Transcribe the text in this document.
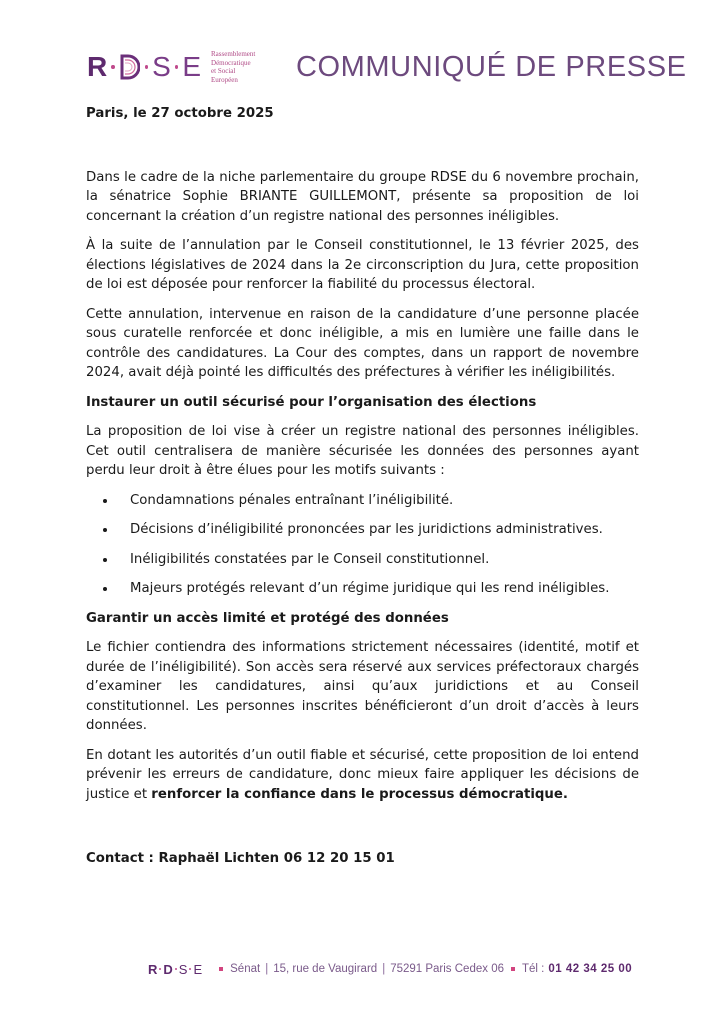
R S E Rassemblement
Démocratique
et Social Européen	COMMUNIQUÉ DE PRESSE

Paris, le 27 octobre 2025

Dans le cadre de la niche parlementaire du groupe RDSE du 6 novembre prochain, la sénatrice Sophie BRIANTE GUILLEMONT, présente sa proposition de loi concernant la création d’un registre national des personnes inéligibles.

À la suite de l’annulation par le Conseil constitutionnel, le 13 février 2025, des élections législatives de 2024 dans la 2e circonscription du Jura, cette proposition de loi est déposée pour renforcer la fiabilité du processus électoral.

Cette annulation, intervenue en raison de la candidature d’une personne placée sous curatelle renforcée et donc inéligible, a mis en lumière une faille dans le contrôle des candidatures. La Cour des comptes, dans un rapport de novembre 2024, avait déjà pointé les difficultés des préfectures à vérifier les inéligibilités.

Instaurer un outil sécurisé pour l’organisation des élections

La proposition de loi vise à créer un registre national des personnes inéligibles. Cet outil centralisera de manière sécurisée les données des personnes ayant perdu leur droit à être élues pour les motifs suivants :

Condamnations pénales entraînant l’inéligibilité.
Décisions d’inéligibilité prononcées par les juridictions administratives.
Inéligibilités constatées par le Conseil constitutionnel.
Majeurs protégés relevant d’un régime juridique qui les rend inéligibles.

Garantir un accès limité et protégé des données

Le fichier contiendra des informations strictement nécessaires (identité, motif et durée de l’inéligibilité). Son accès sera réservé aux services préfectoraux chargés d’examiner les candidatures, ainsi qu’aux juridictions et au Conseil constitutionnel. Les personnes inscrites bénéficieront d’un droit d’accès à leurs données.

En dotant les autorités d’un outil fiable et sécurisé, cette proposition de loi entend prévenir les erreurs de candidature, donc mieux faire appliquer les décisions de justice et renforcer la confiance dans le processus démocratique.

Contact : Raphaël Lichten 06 12 20 15 01

R D S E Sénat | 15, rue de Vaugirard | 75291 Paris Cedex 06 Tél : 01 42 34 25 00
